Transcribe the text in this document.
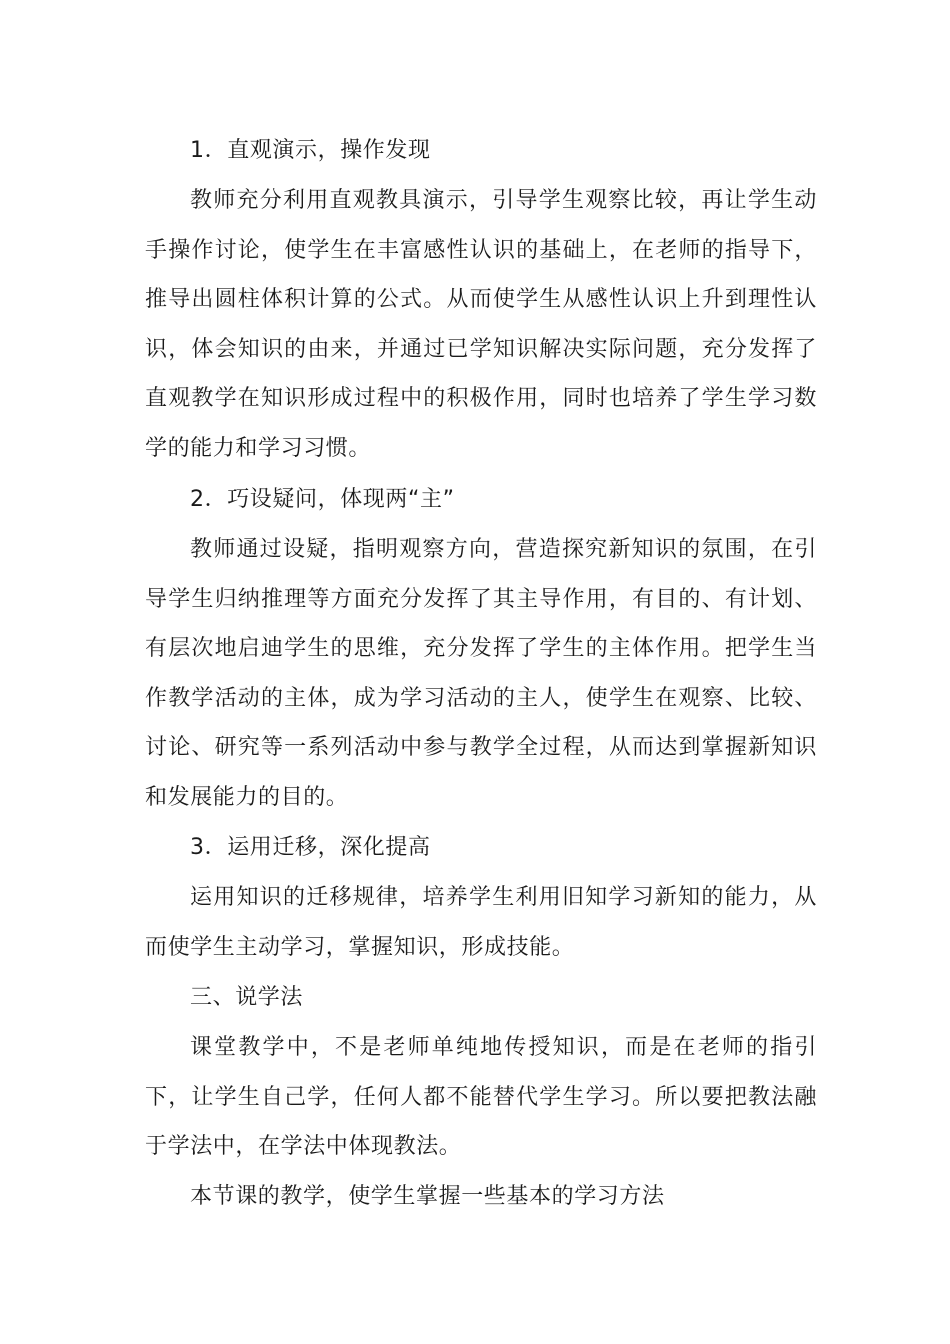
1．直观演示，操作发现
教师充分利用直观教具演示，引导学生观察比较，再让学生动手操作讨论，使学生在丰富感性认识的基础上，在老师的指导下，推导出圆柱体积计算的公式。从而使学生从感性认识上升到理性认识，体会知识的由来，并通过已学知识解决实际问题，充分发挥了直观教学在知识形成过程中的积极作用，同时也培养了学生学习数学的能力和学习习惯。
2．巧设疑问，体现两“主”
教师通过设疑，指明观察方向，营造探究新知识的氛围，在引导学生归纳推理等方面充分发挥了其主导作用，有目的、有计划、有层次地启迪学生的思维，充分发挥了学生的主体作用。把学生当作教学活动的主体，成为学习活动的主人，使学生在观察、比较、讨论、研究等一系列活动中参与教学全过程，从而达到掌握新知识和发展能力的目的。
3．运用迁移，深化提高
运用知识的迁移规律，培养学生利用旧知学习新知的能力，从而使学生主动学习，掌握知识，形成技能。
三、说学法
课堂教学中，不是老师单纯地传授知识，而是在老师的指引下，让学生自己学，任何人都不能替代学生学习。所以要把教法融于学法中，在学法中体现教法。
本节课的教学，使学生掌握一些基本的学习方法
